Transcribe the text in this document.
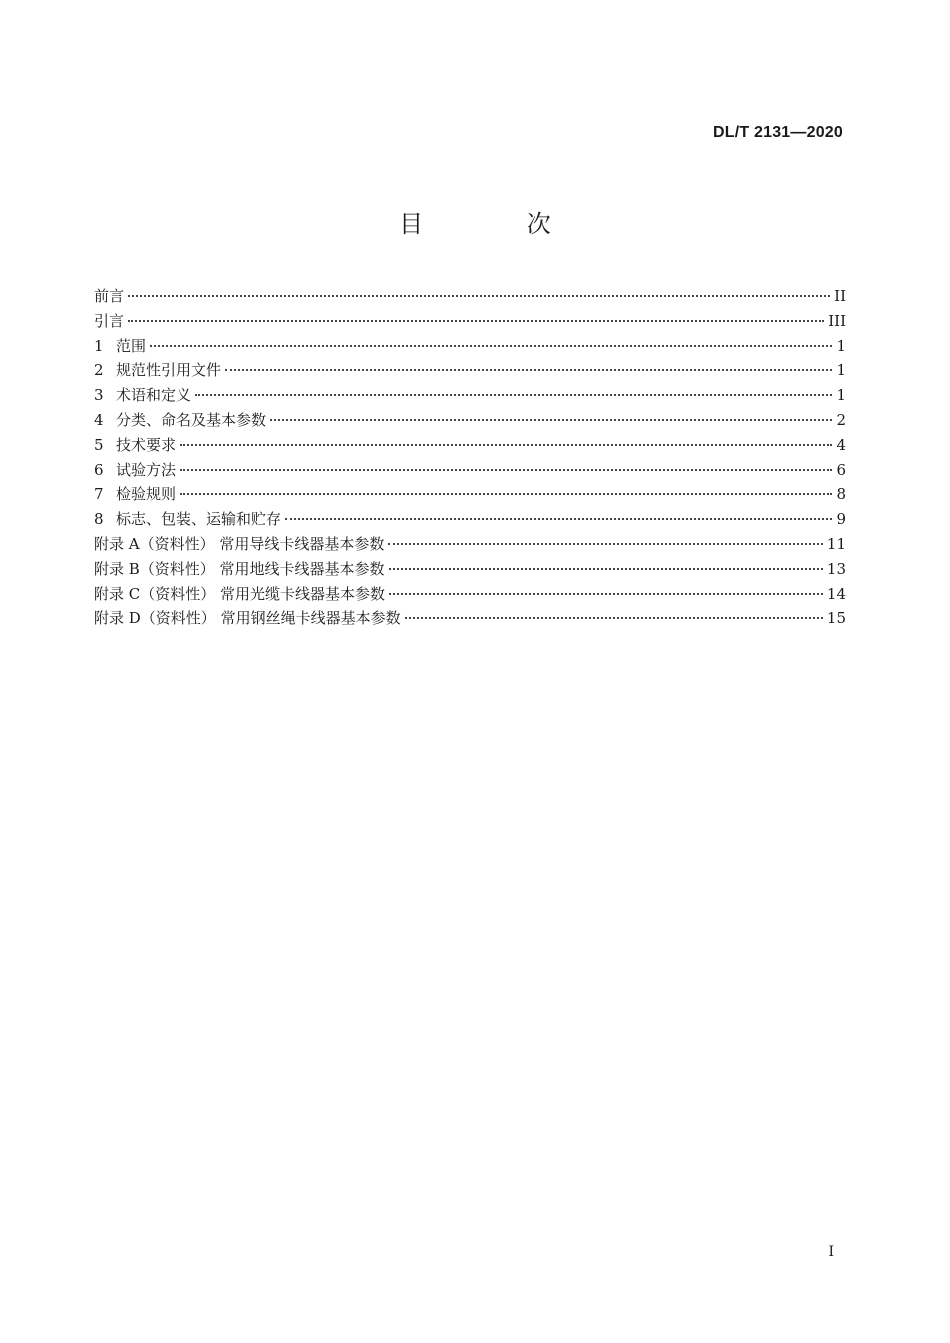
DL/T 2131—2020
目 次
前言	II
引言	III
1 范围	1
2 规范性引用文件	1
3 术语和定义	1
4 分类、命名及基本参数	2
5 技术要求	4
6 试验方法	6
7 检验规则	8
8 标志、包装、运输和贮存	9
附录 A（资料性） 常用导线卡线器基本参数	11
附录 B（资料性） 常用地线卡线器基本参数	13
附录 C（资料性） 常用光缆卡线器基本参数	14
附录 D（资料性） 常用钢丝绳卡线器基本参数	15
I
